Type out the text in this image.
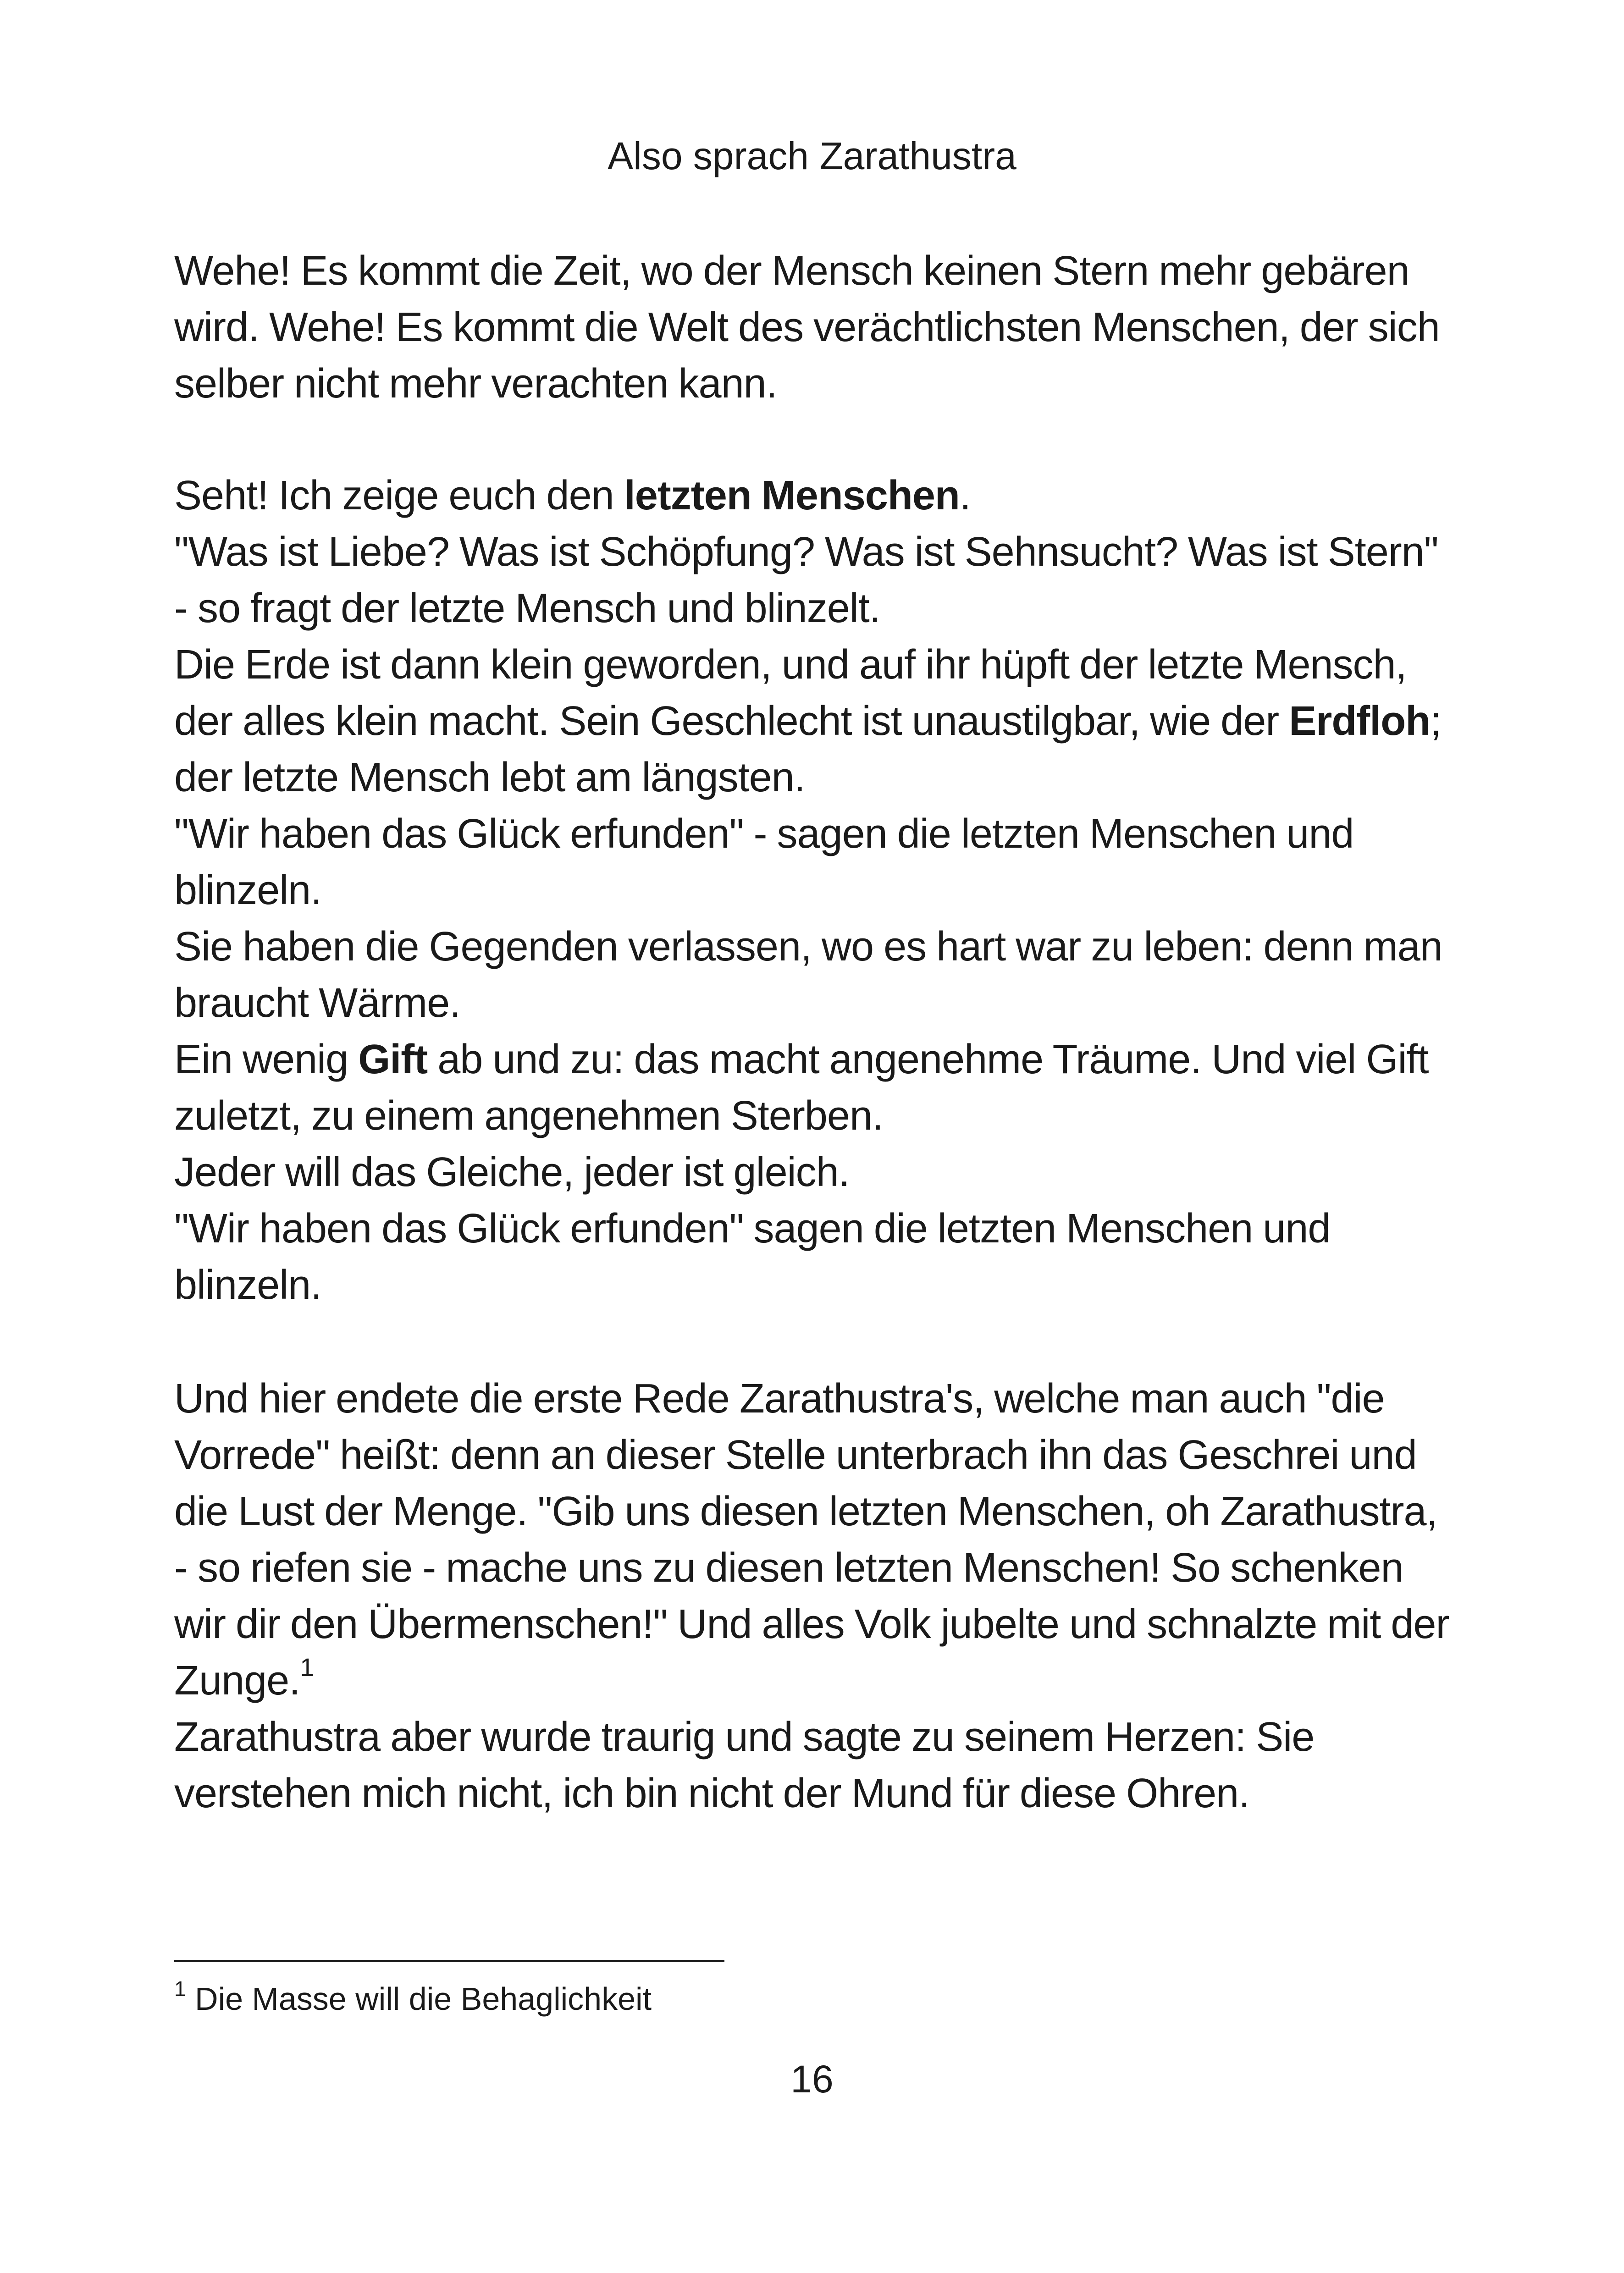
Also sprach Zarathustra

Wehe! Es kommt die Zeit, wo der Mensch keinen Stern mehr gebären wird. Wehe! Es kommt die Welt des verächtlichsten Menschen, der sich selber nicht mehr verachten kann.

Seht! Ich zeige euch den letzten Menschen.

"Was ist Liebe? Was ist Schöpfung? Was ist Sehnsucht? Was ist Stern" - so fragt der letzte Mensch und blinzelt.

Die Erde ist dann klein geworden, und auf ihr hüpft der letzte Mensch, der alles klein macht. Sein Geschlecht ist unaustilgbar, wie der Erdfloh; der letzte Mensch lebt am längsten.

"Wir haben das Glück erfunden" - sagen die letzten Menschen und blinzeln.

Sie haben die Gegenden verlassen, wo es hart war zu leben: denn man braucht Wärme.

Ein wenig Gift ab und zu: das macht angenehme Träume. Und viel Gift zuletzt, zu einem angenehmen Sterben.

Jeder will das Gleiche, jeder ist gleich.

"Wir haben das Glück erfunden" sagen die letzten Menschen und blinzeln.

Und hier endete die erste Rede Zarathustra's, welche man auch "die Vorrede" heißt: denn an dieser Stelle unterbrach ihn das Geschrei und die Lust der Menge. "Gib uns diesen letzten Menschen, oh Zarathustra, - so riefen sie - mache uns zu diesen letzten Menschen! So schenken wir dir den Übermenschen!" Und alles Volk jubelte und schnalzte mit der Zunge.$^1$

Zarathustra aber wurde traurig und sagte zu seinem Herzen: Sie verstehen mich nicht, ich bin nicht der Mund für diese Ohren.

$^1$ Die Masse will die Behaglichkeit
16
